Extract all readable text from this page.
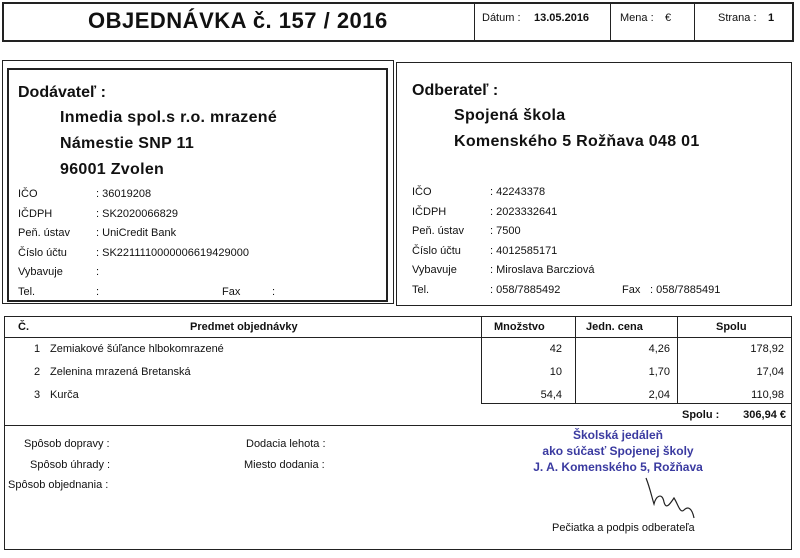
OBJEDNÁVKA č. 157 / 2016	Dátum : 13.05.2016	Mena : €	Strana : 1
Dodávateľ :
Inmedia spol.s r.o. mrazené
Námestie SNP 11
96001 Zvolen
IČO	: 36019208
IČDPH	: SK2020066829
Peň. ústav : UniCredit Bank
Číslo účtu	: SK2211110000006619429000
Vybavuje	:
Tel.	:	Fax	:
Odberateľ :
Spojená škola
Komenského 5 Rožňava 048 01
IČO	: 42243378
IČDPH	: 2023332641
Peň. ústav : 7500
Číslo účtu	: 4012585171
Vybavuje	: Miroslava Barcziová
Tel.	: 058/7885492	Fax : 058/7885491
Č.	Predmet objednávky	Množstvo	Jedn. cena	Spolu
1 Zemiakové šúľance hlbokomrazené	42	4,26	178,92
2 Zelenina mrazená Bretanská	10	1,70	17,04
3 Kurča	54,4	2,04	110,98
Spolu :	306,94 €
Spôsob dopravy :
Spôsob úhrady :
Spôsob objednania :
Dodacia lehota :
Miesto dodania :
Školská jedáleň
ako súčasť Spojenej školy
J. A. Komenského 5, Rožňava
Pečiatka a podpis odberateľa
